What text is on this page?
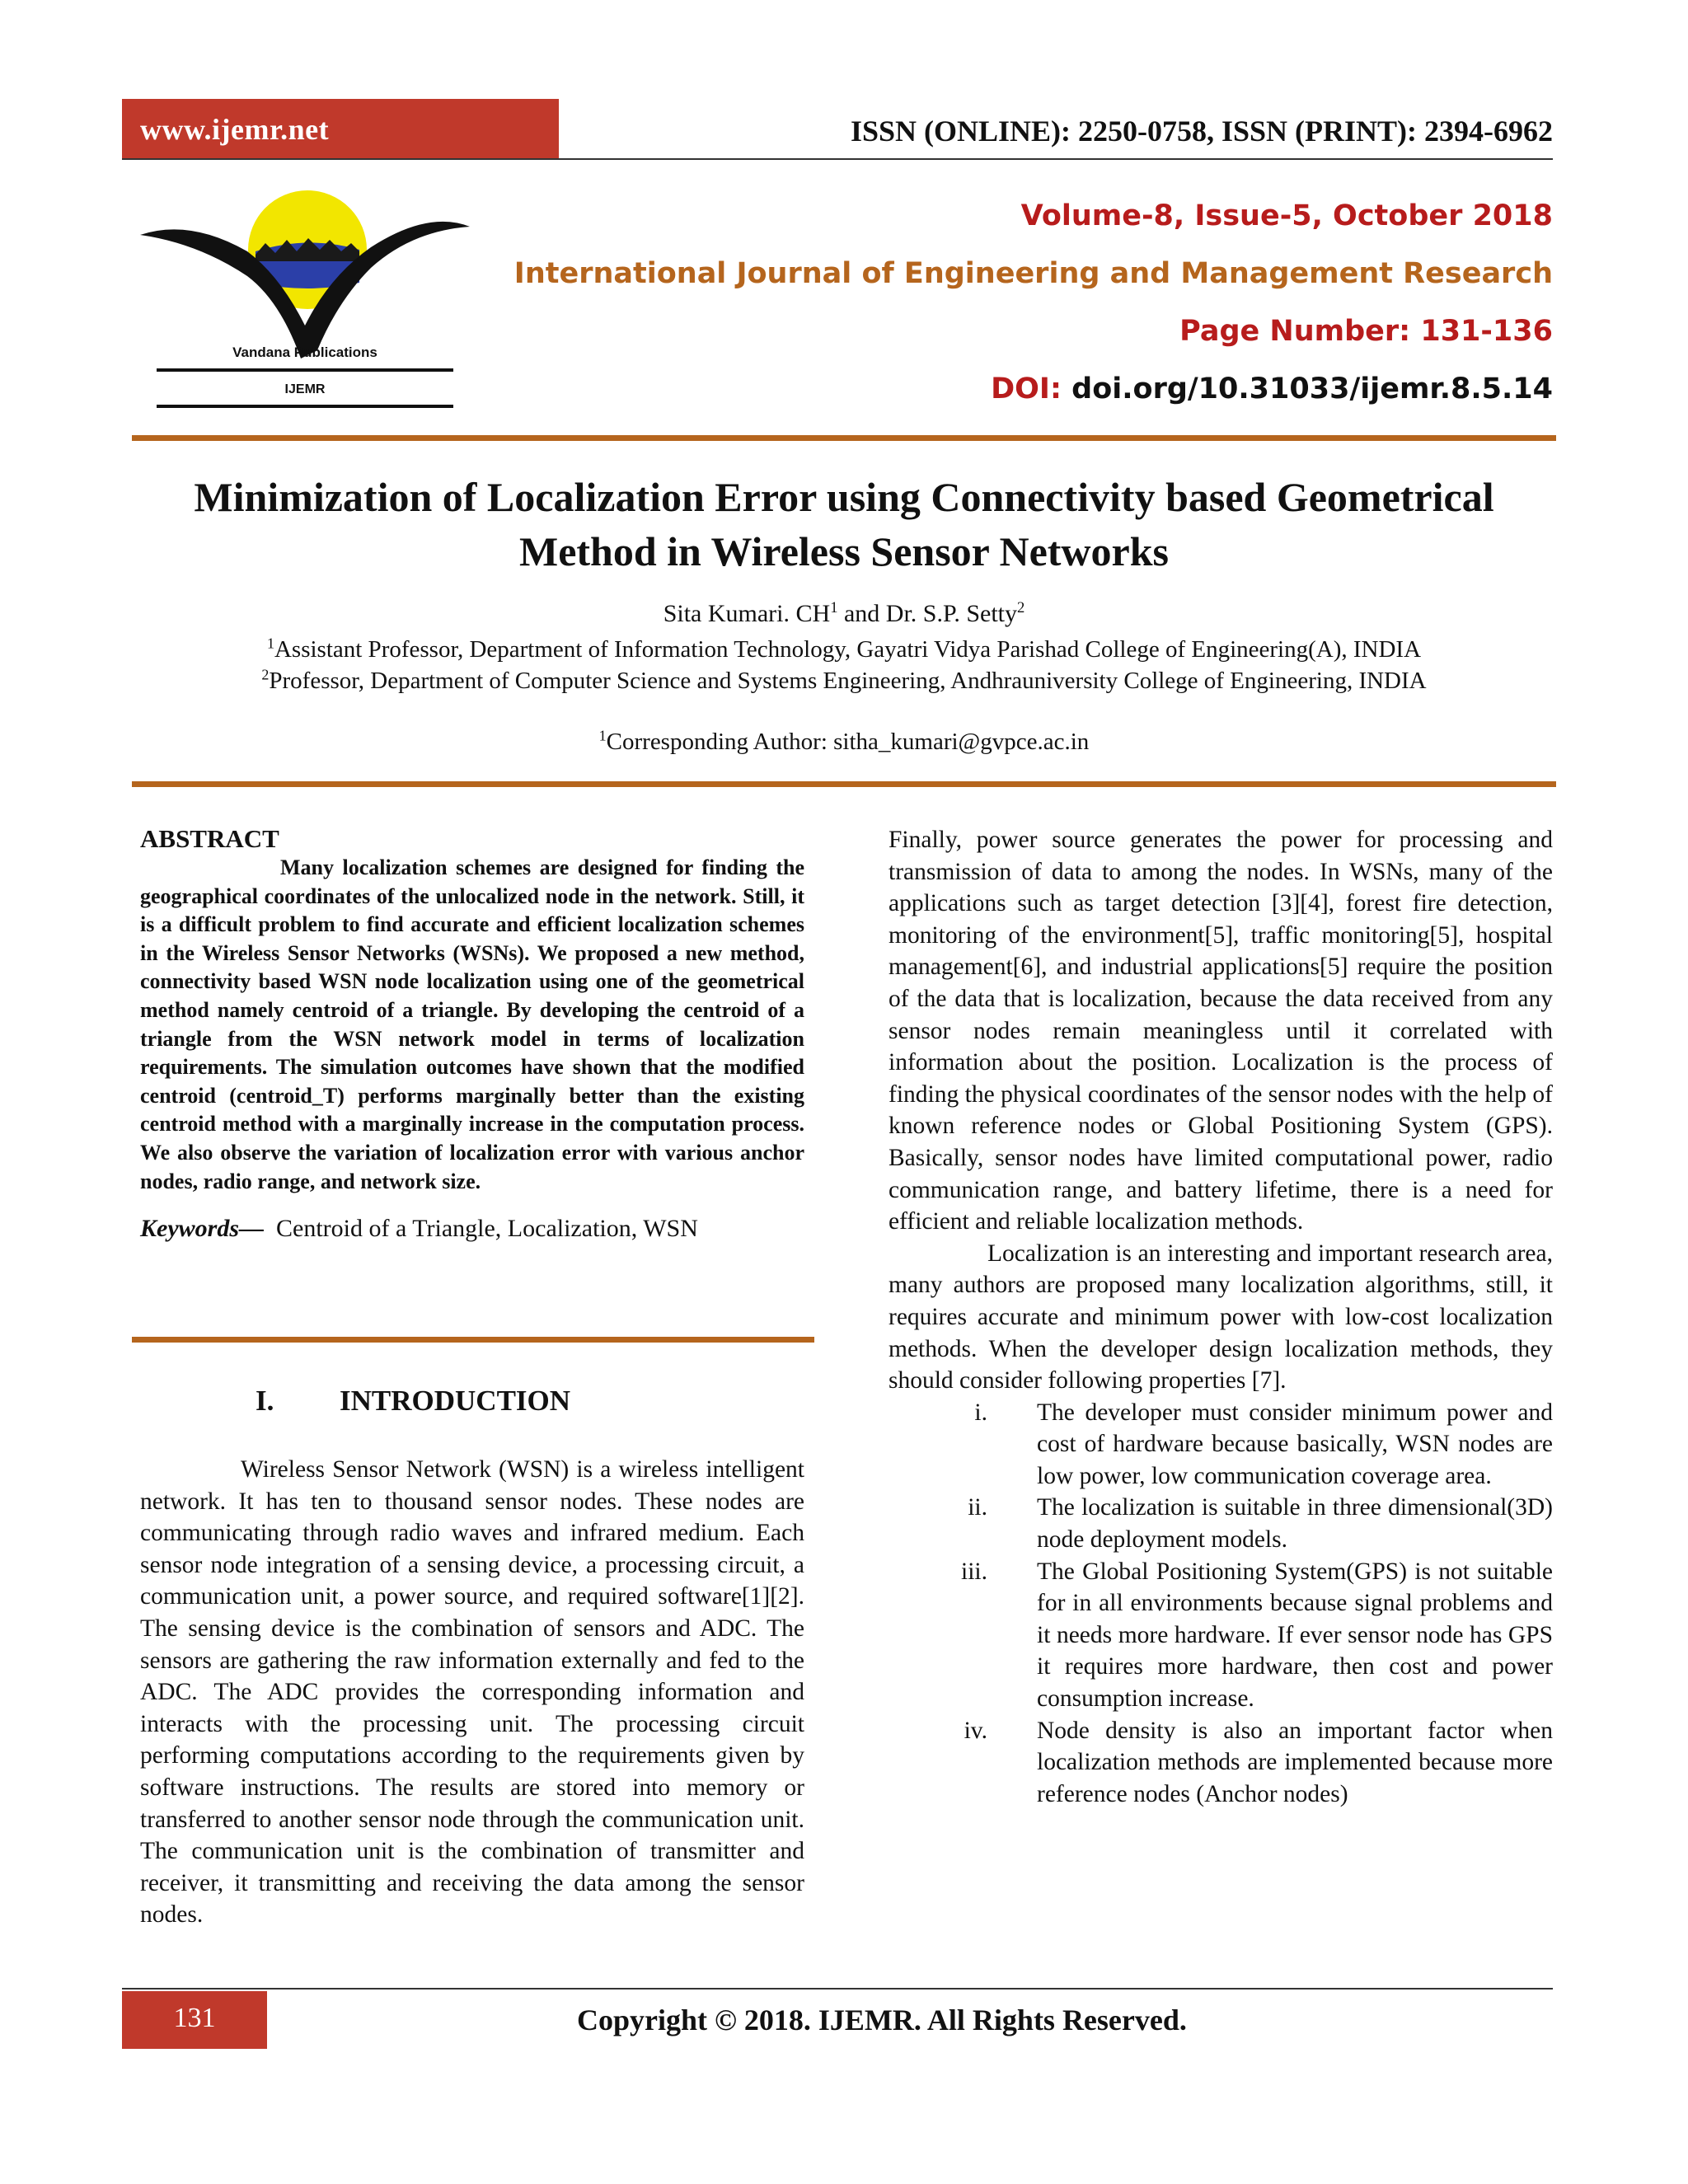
www.ijemr.net	ISSN (ONLINE): 2250-0758, ISSN (PRINT): 2394-6962
Vandana Publications
IJEMR
Volume-8, Issue-5, October 2018
International Journal of Engineering and Management Research
Page Number: 131-136
DOI: doi.org/10.31033/ijemr.8.5.14
Minimization of Localization Error using Connectivity based Geometrical
Method in Wireless Sensor Networks
Sita Kumari. $CH^1$ and Dr. S.P. Setty$^2$
$^1$Assistant Professor, Department of Information Technology, Gayatri Vidya Parishad College of Engineering(A), INDIA
$^2$Professor, Department of Computer Science and Systems Engineering, Andhrauniversity College of Engineering, INDIA
$^1$Corresponding Author: sitha_kumari@gvpce.ac.in

ABSTRACT

Many localization schemes are designed for finding the geographical coordinates of the unlocalized node in the network. Still, it is a difficult problem to find accurate and efficient localization schemes in the Wireless Sensor Networks (WSNs). We proposed a new method, connectivity based WSN node localization using one of the geometrical method namely centroid of a triangle. By developing the centroid of a triangle from the WSN network model in terms of localization requirements. The simulation outcomes have shown that the modified centroid (centroid_T) performs marginally better than the existing centroid method with a marginally increase in the computation process. We also observe the variation of localization error with various anchor nodes, radio range, and network size.

Keywords—  Centroid of a Triangle, Localization, WSN
I. INTRODUCTION

Wireless Sensor Network (WSN) is a wireless intelligent network. It has ten to thousand sensor nodes. These nodes are communicating through radio waves and infrared medium. Each sensor node integration of a sensing device, a processing circuit, a communication unit, a power source, and required software[1][2]. The sensing device is the combination of sensors and ADC. The sensors are gathering the raw information externally and fed to the ADC. The ADC provides the corresponding information and interacts with the processing unit. The processing circuit performing computations according to the requirements given by software instructions. The results are stored into memory or transferred to another sensor node through the communication unit. The communication unit is the combination of transmitter and receiver, it transmitting and receiving the data among the sensor nodes.

Finally, power source generates the power for processing and transmission of data to among the nodes. In WSNs, many of the applications such as target detection [3][4], forest fire detection, monitoring of the environment[5], traffic monitoring[5], hospital management[6], and industrial applications[5] require the position of the data that is localization, because the data received from any sensor nodes remain meaningless until it correlated with information about the position. Localization is the process of finding the physical coordinates of the sensor nodes with the help of known reference nodes or Global Positioning System (GPS). Basically, sensor nodes have limited computational power, radio communication range, and battery lifetime, there is a need for efficient and reliable localization methods.

Localization is an interesting and important research area, many authors are proposed many localization algorithms, still, it requires accurate and minimum power with low-cost localization methods. When the developer design localization methods, they should consider following properties [7].

i. The developer must consider minimum power and cost of hardware because basically, WSN nodes are low power, low communication coverage area.
ii. The localization is suitable in three dimensional(3D) node deployment models.
iii. The Global Positioning System(GPS) is not suitable for in all environments because signal problems and it needs more hardware. If ever sensor node has GPS it requires more hardware, then cost and power consumption increase.
iv. Node density is also an important factor when localization methods are implemented because more reference nodes (Anchor nodes)
131	Copyright © 2018. IJEMR. All Rights Reserved.
